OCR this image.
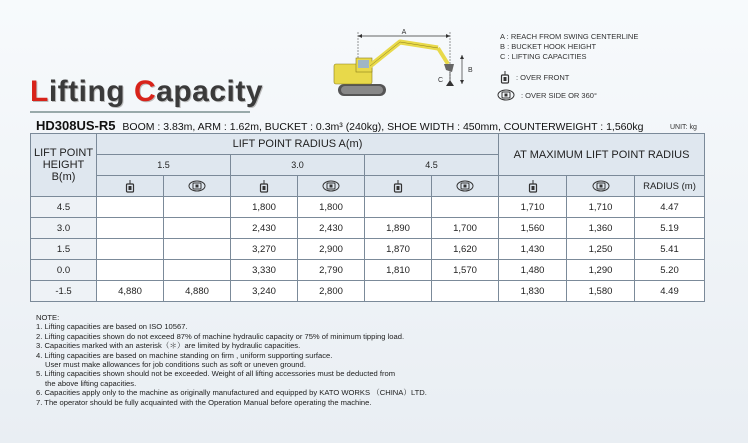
Lifting Capacity
A
B
C
A : REACH FROM SWING CENTERLINE
B : BUCKET HOOK HEIGHT
C : LIFTING CAPACITIES
: OVER FRONT
: OVER SIDE OR 360°
HD308US-R5 BOOM : 3.83m, ARM : 1.62m, BUCKET : 0.3m³ (240kg), SHOE WIDTH : 450mm, COUNTERWEIGHT : 1,560kg	UNIT: kg
LIFT POINT HEIGHT B(m)	LIFT POINT RADIUS A(m)						AT MAXIMUM LIFT POINT RADIUS		
	1.5		3.0		4.5				

	RADIUS (m)
4.5			1,800	1,800			1,710	1,710	4.47
3.0			2,430	2,430	1,890	1,700	1,560	1,360	5.19
1.5			3,270	2,900	1,870	1,620	1,430	1,250	5.41
0.0			3,330	2,790	1,810	1,570	1,480	1,290	5.20
-1.5	4,880	4,880	3,240	2,800			1,830	1,580	4.49
NOTE:
1. Lifting capacities are based on ISO 10567.
2. Lifting capacities shown do not exceed 87% of machine hydraulic capacity or 75% of minimum tipping load.
3. Capacities marked with an asterisk（＊）are limited by hydraulic capacities.
4. Lifting capacities are based on machine standing on firm , uniform supporting surface.
User must make allowances for job conditions such as soft or uneven ground.
5. Lifting capacities shown should not be exceeded. Weight of all lifting accessories must be deducted from
the above lifting capacities.
6. Capacities apply only to the machine as originally manufactured and equipped by KATO WORKS （CHINA）LTD.
7. The operator should be fully acquainted with the Operation Manual before operating the machine.
